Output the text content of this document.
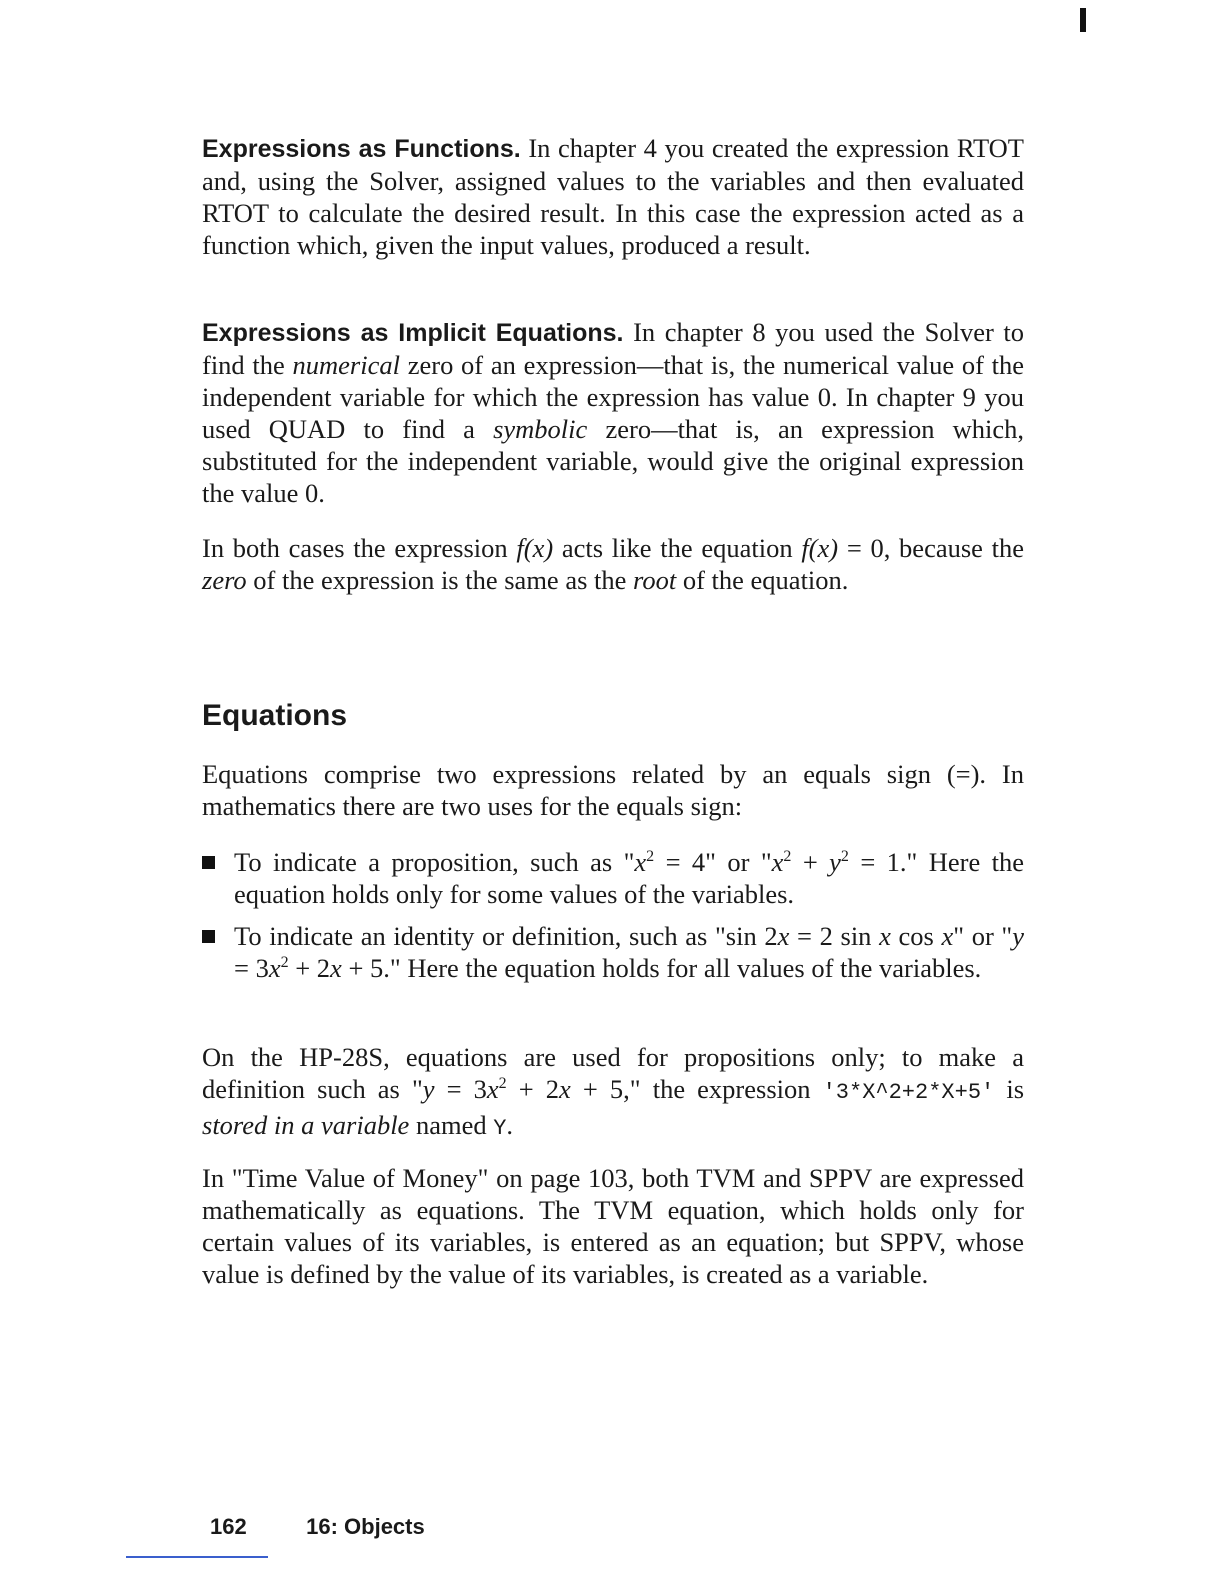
Expressions as Functions. In chapter 4 you created the expression RTOT and, using the Solver, assigned values to the variables and then evaluated RTOT to calculate the desired result. In this case the expression acted as a function which, given the input values, produced a result.

Expressions as Implicit Equations. In chapter 8 you used the Solver to find the numerical zero of an expression—that is, the numerical value of the independent variable for which the expression has value 0. In chapter 9 you used QUAD to find a symbolic zero—that is, an expression which, substituted for the independent variable, would give the original expression the value 0.

In both cases the expression f(x) acts like the equation f(x) = 0, because the zero of the expression is the same as the root of the equation.

Equations

Equations comprise two expressions related by an equals sign (=). In mathematics there are two uses for the equals sign:

To indicate a proposition, such as "$x^2 = 4$" or "$x^2 + y^2 = 1$." Here the equation holds only for some values of the variables.
To indicate an identity or definition, such as "sin 2x = 2 sin x cos x" or "$y = 3x^2 + 2x + 5$." Here the equation holds for all values of the variables.

On the HP-28S, equations are used for propositions only; to make a definition such as "$y = 3x^2 + 2x + 5$," the expression '3*X^2+2*X+5' is stored in a variable named Y.

In "Time Value of Money" on page 103, both TVM and SPPV are expressed mathematically as equations. The TVM equation, which holds only for certain values of its variables, is entered as an equation; but SPPV, whose value is defined by the value of its variables, is created as a variable.

162	16: Objects
